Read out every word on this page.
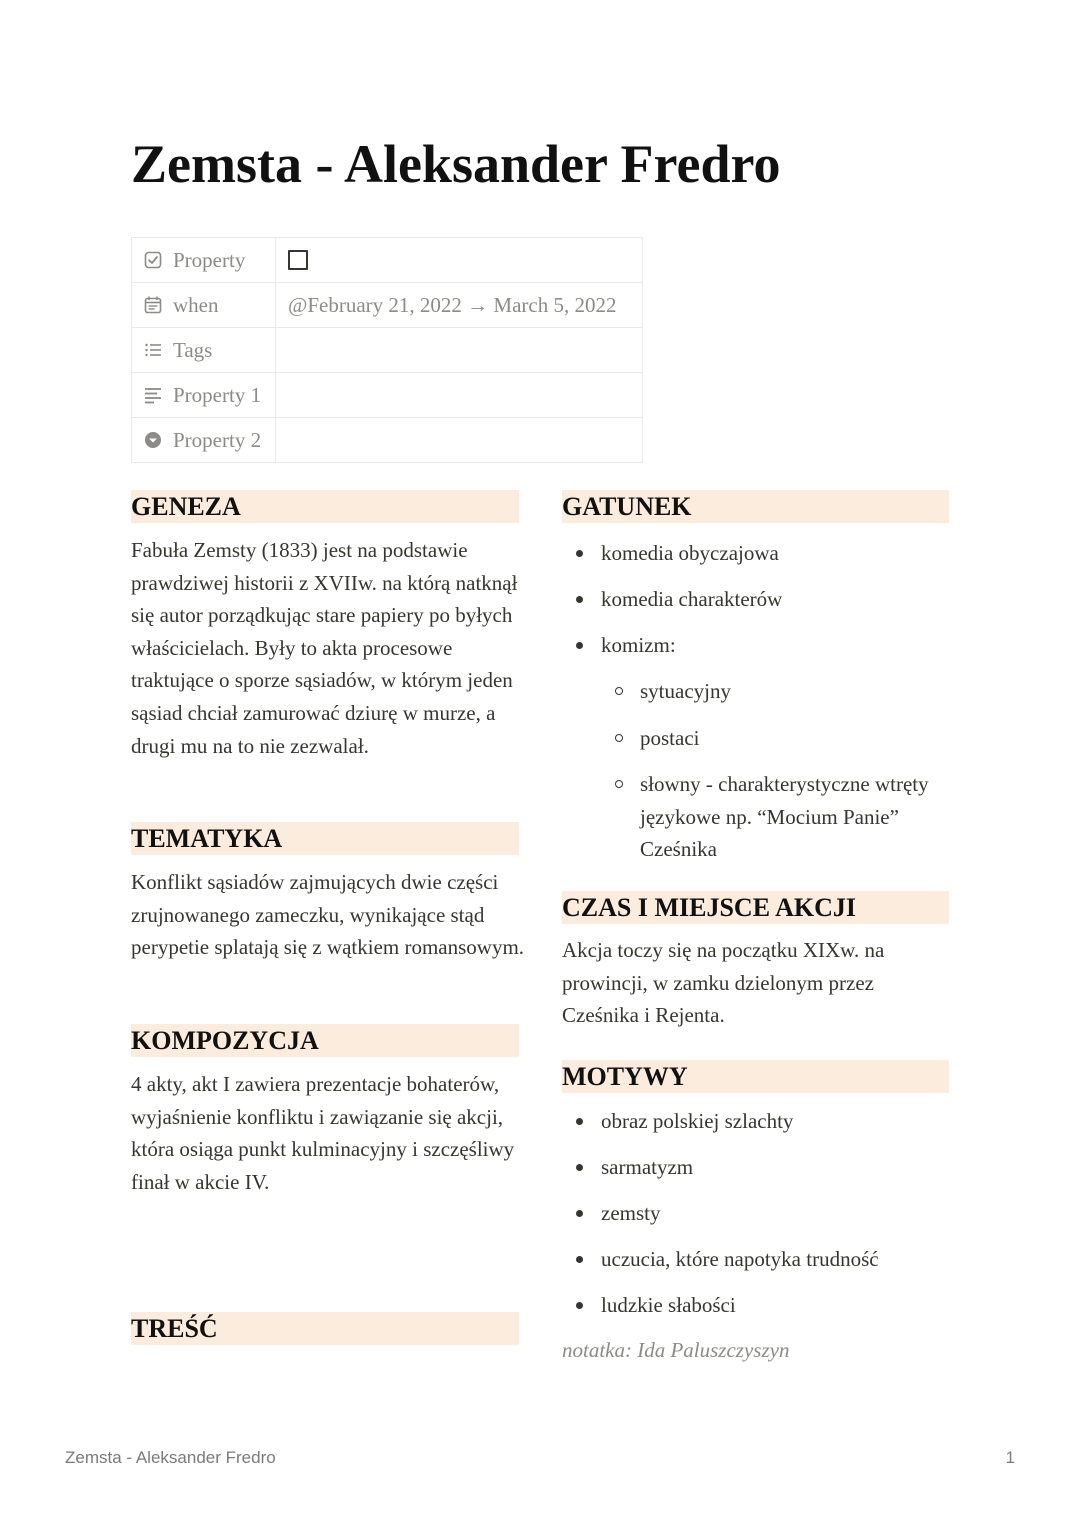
Zemsta - Aleksander Fredro
Property
when	@February 21, 2022 → March 5, 2022
Tags
Property 1
Property 2
GENEZA

Fabuła Zemsty (1833) jest na podstawie prawdziwej historii z XVIIw. na którą natknął się autor porządkując stare papiery po byłych właścicielach. Były to akta procesowe traktujące o sporze sąsiadów, w którym jeden sąsiad chciał zamurować dziurę w murze, a drugi mu na to nie zezwalał.

TEMATYKA

Konflikt sąsiadów zajmujących dwie części zrujnowanego zameczku, wynikające stąd perypetie splatają się z wątkiem romansowym.

KOMPOZYCJA

4 akty, akt I zawiera prezentacje bohaterów, wyjaśnienie konfliktu i zawiązanie się akcji, która osiąga punkt kulminacyjny i szczęśliwy finał w akcie IV.

TREŚĆ
GATUNEK
komedia obyczajowa
komedia charakterów
komizm:
sytuacyjny
postaci
słowny - charakterystyczne wtręty językowe np. “Mocium Panie” Cześnika
CZAS I MIEJSCE AKCJI

Akcja toczy się na początku XIXw. na prowincji, w zamku dzielonym przez Cześnika i Rejenta.

MOTYWY
obraz polskiej szlachty
sarmatyzm
zemsty
uczucia, które napotyka trudność
ludzkie słabości
notatka: Ida Paluszczyszyn
Zemsta - Aleksander Fredro	1
